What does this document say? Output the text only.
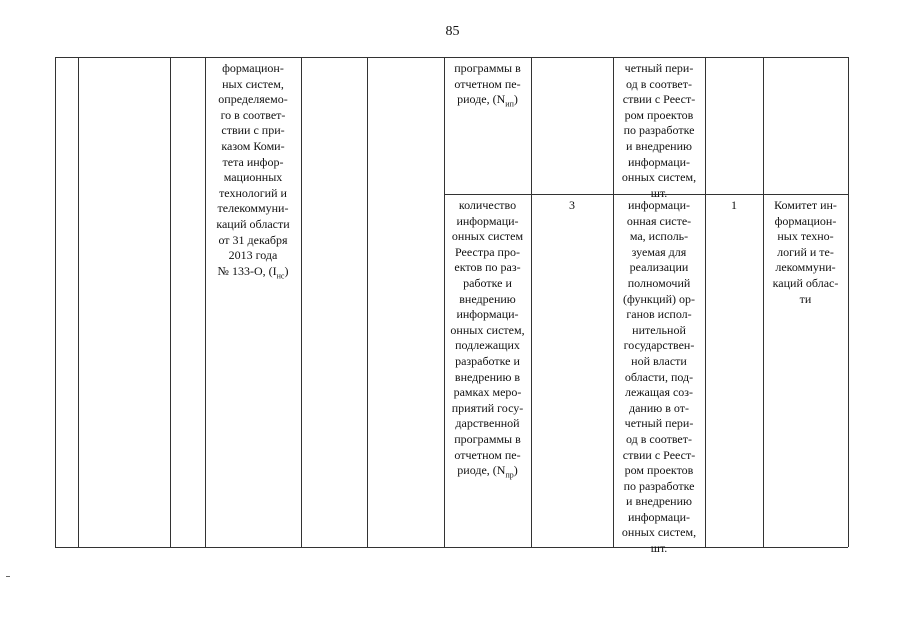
85
формацион-
ных систем,
определяемо-
го в соответ-
ствии с при-
казом Коми-
тета инфор-
мационных
технологий и
телекоммуни-
каций области
от 31 декабря
2013 года
№ 133-О, $(I_{нс})$
программы в
отчетном пе-
риоде, $(N_{ип})$
четный пери-
од в соответ-
ствии с Реест-
ром проектов
по разработке
и внедрению
информаци-
онных систем,
шт.
количество
информаци-
онных систем
Реестра про-
ектов по раз-
работке и
внедрению
информаци-
онных систем,
подлежащих
разработке и
внедрению в
рамках меро-
приятий госу-
дарственной
программы в
отчетном пе-
риоде, $(N_{пр})$
3	информаци-
онная систе-
ма, исполь-
зуемая для
реализации
полномочий
(функций) ор-
ганов испол-
нительной
государствен-
ной власти
области, под-
лежащая соз-
данию в от-
четный пери-
од в соответ-
ствии с Реест-
ром проектов
по разработке
и внедрению
информаци-
онных систем,
шт.
1	Комитет ин-
формацион-
ных техно-
логий и те-
лекоммуни-
каций облас-
ти
